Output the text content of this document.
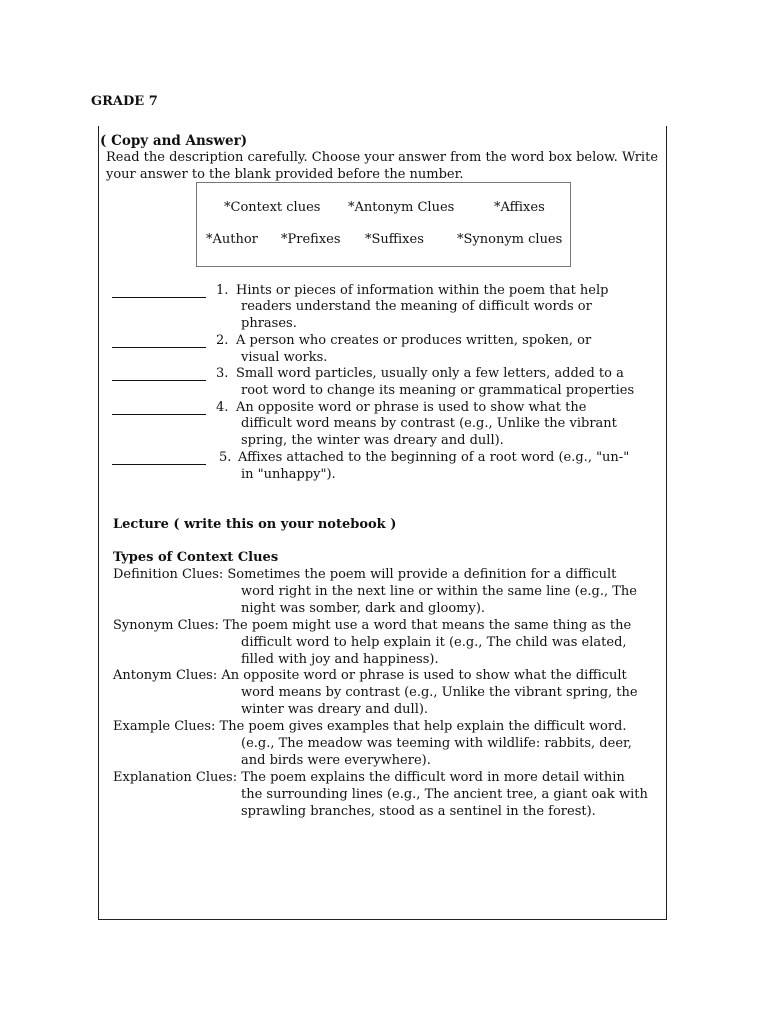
GRADE 7
( Copy and Answer)
Read the description carefully. Choose your answer from the word box below. Write
your answer to the blank provided before the number.
*Context clues *Antonym Clues	*Affixes
*Author *Prefixes *Suffixes	*Synonym clues
1. Hints or pieces of information within the poem that help
readers understand the meaning of difficult words or
phrases.
2. A person who creates or produces written, spoken, or
visual works.
3. Small word particles, usually only a few letters, added to a
root word to change its meaning or grammatical properties
4. An opposite word or phrase is used to show what the
difficult word means by contrast (e.g., Unlike the vibrant
spring, the winter was dreary and dull).
5. Affixes attached to the beginning of a root word (e.g., "un-"
in "unhappy").
Lecture ( write this on your notebook )
Types of Context Clues
Definition Clues: Sometimes the poem will provide a definition for a difficult
word right in the next line or within the same line (e.g., The
night was somber, dark and gloomy).
Synonym Clues: The poem might use a word that means the same thing as the
difficult word to help explain it (e.g., The child was elated,
filled with joy and happiness).
Antonym Clues: An opposite word or phrase is used to show what the difficult
word means by contrast (e.g., Unlike the vibrant spring, the
winter was dreary and dull).
Example Clues: The poem gives examples that help explain the difficult word.
(e.g., The meadow was teeming with wildlife: rabbits, deer,
and birds were everywhere).
Explanation Clues: The poem explains the difficult word in more detail within
the surrounding lines (e.g., The ancient tree, a giant oak with
sprawling branches, stood as a sentinel in the forest).
